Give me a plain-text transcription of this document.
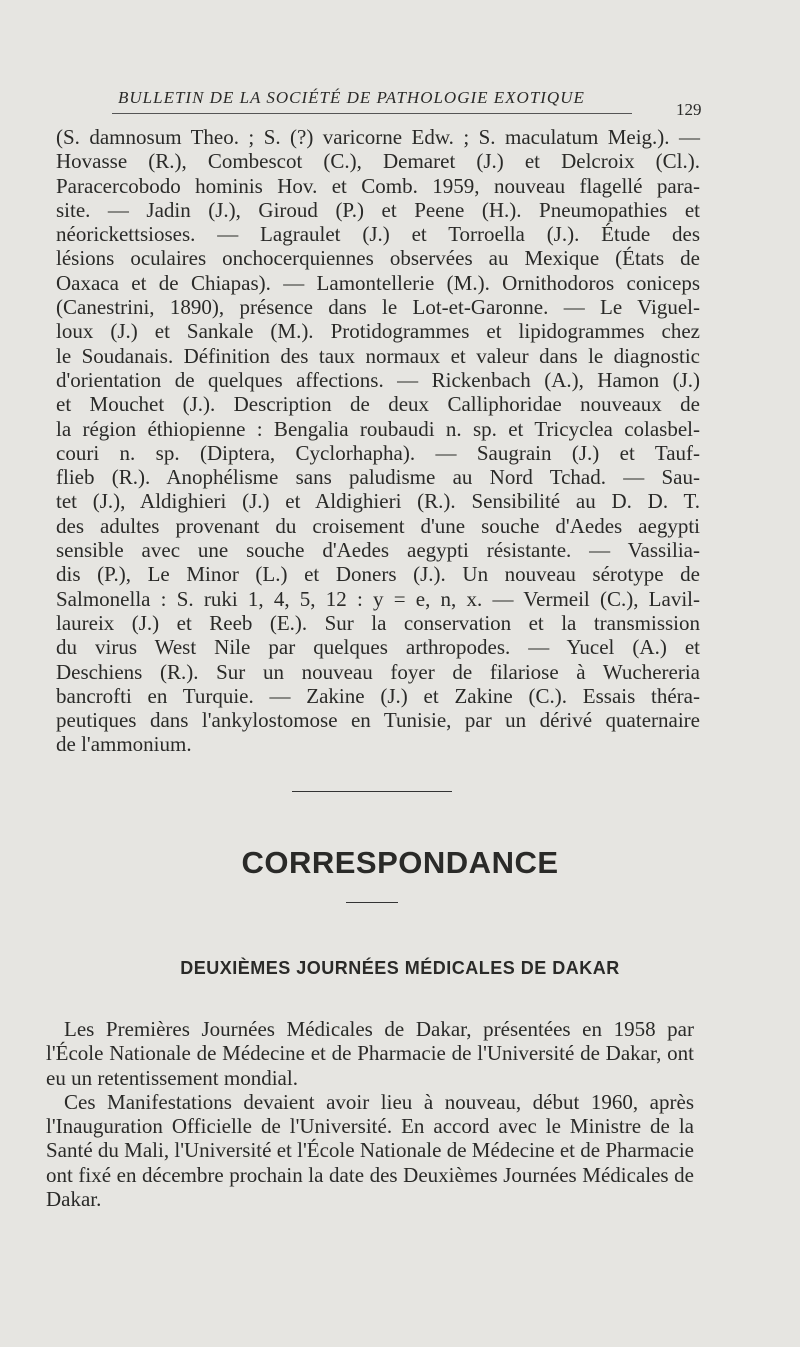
BULLETIN DE LA SOCIÉTÉ DE PATHOLOGIE EXOTIQUE
129

(S. damnosum Theo. ; S. (?) varicorne Edw. ; S. maculatum Meig.). —

Hovasse (R.), Combescot (C.), Demaret (J.) et Delcroix (Cl.).

Paracercobodo hominis Hov. et Comb. 1959, nouveau flagellé para-

site. — Jadin (J.), Giroud (P.) et Peene (H.). Pneumopathies et

néorickettsioses. — Lagraulet (J.) et Torroella (J.). Étude des

lésions oculaires onchocerquiennes observées au Mexique (États de

Oaxaca et de Chiapas). — Lamontellerie (M.). Ornithodoros coniceps

(Canestrini, 1890), présence dans le Lot-et-Garonne. — Le Viguel-

loux (J.) et Sankale (M.). Protidogrammes et lipidogrammes chez

le Soudanais. Définition des taux normaux et valeur dans le diagnostic

d'orientation de quelques affections. — Rickenbach (A.), Hamon (J.)

et Mouchet (J.). Description de deux Calliphoridae nouveaux de

la région éthiopienne : Bengalia roubaudi n. sp. et Tricyclea colasbel-

couri n. sp. (Diptera, Cyclorhapha). — Saugrain (J.) et Tauf-

flieb (R.). Anophélisme sans paludisme au Nord Tchad. — Sau-

tet (J.), Aldighieri (J.) et Aldighieri (R.). Sensibilité au D. D. T.

des adultes provenant du croisement d'une souche d'Aedes aegypti

sensible avec une souche d'Aedes aegypti résistante. — Vassilia-

dis (P.), Le Minor (L.) et Doners (J.). Un nouveau sérotype de

Salmonella : S. ruki 1, 4, 5, 12 : y = e, n, x. — Vermeil (C.), Lavil-

laureix (J.) et Reeb (E.). Sur la conservation et la transmission

du virus West Nile par quelques arthropodes. — Yucel (A.) et

Deschiens (R.). Sur un nouveau foyer de filariose à Wuchereria

bancrofti en Turquie. — Zakine (J.) et Zakine (C.). Essais théra-

peutiques dans l'ankylostomose en Tunisie, par un dérivé quaternaire

de l'ammonium.

CORRESPONDANCE
DEUXIÈMES JOURNÉES MÉDICALES DE DAKAR

Les Premières Journées Médicales de Dakar, présentées en 1958 par l'École Nationale de Médecine et de Pharmacie de l'Université de Dakar, ont eu un retentissement mondial.

Ces Manifestations devaient avoir lieu à nouveau, début 1960, après l'Inauguration Officielle de l'Université. En accord avec le Ministre de la Santé du Mali, l'Université et l'École Nationale de Médecine et de Pharmacie ont fixé en décembre prochain la date des Deuxièmes Journées Médicales de Dakar.
